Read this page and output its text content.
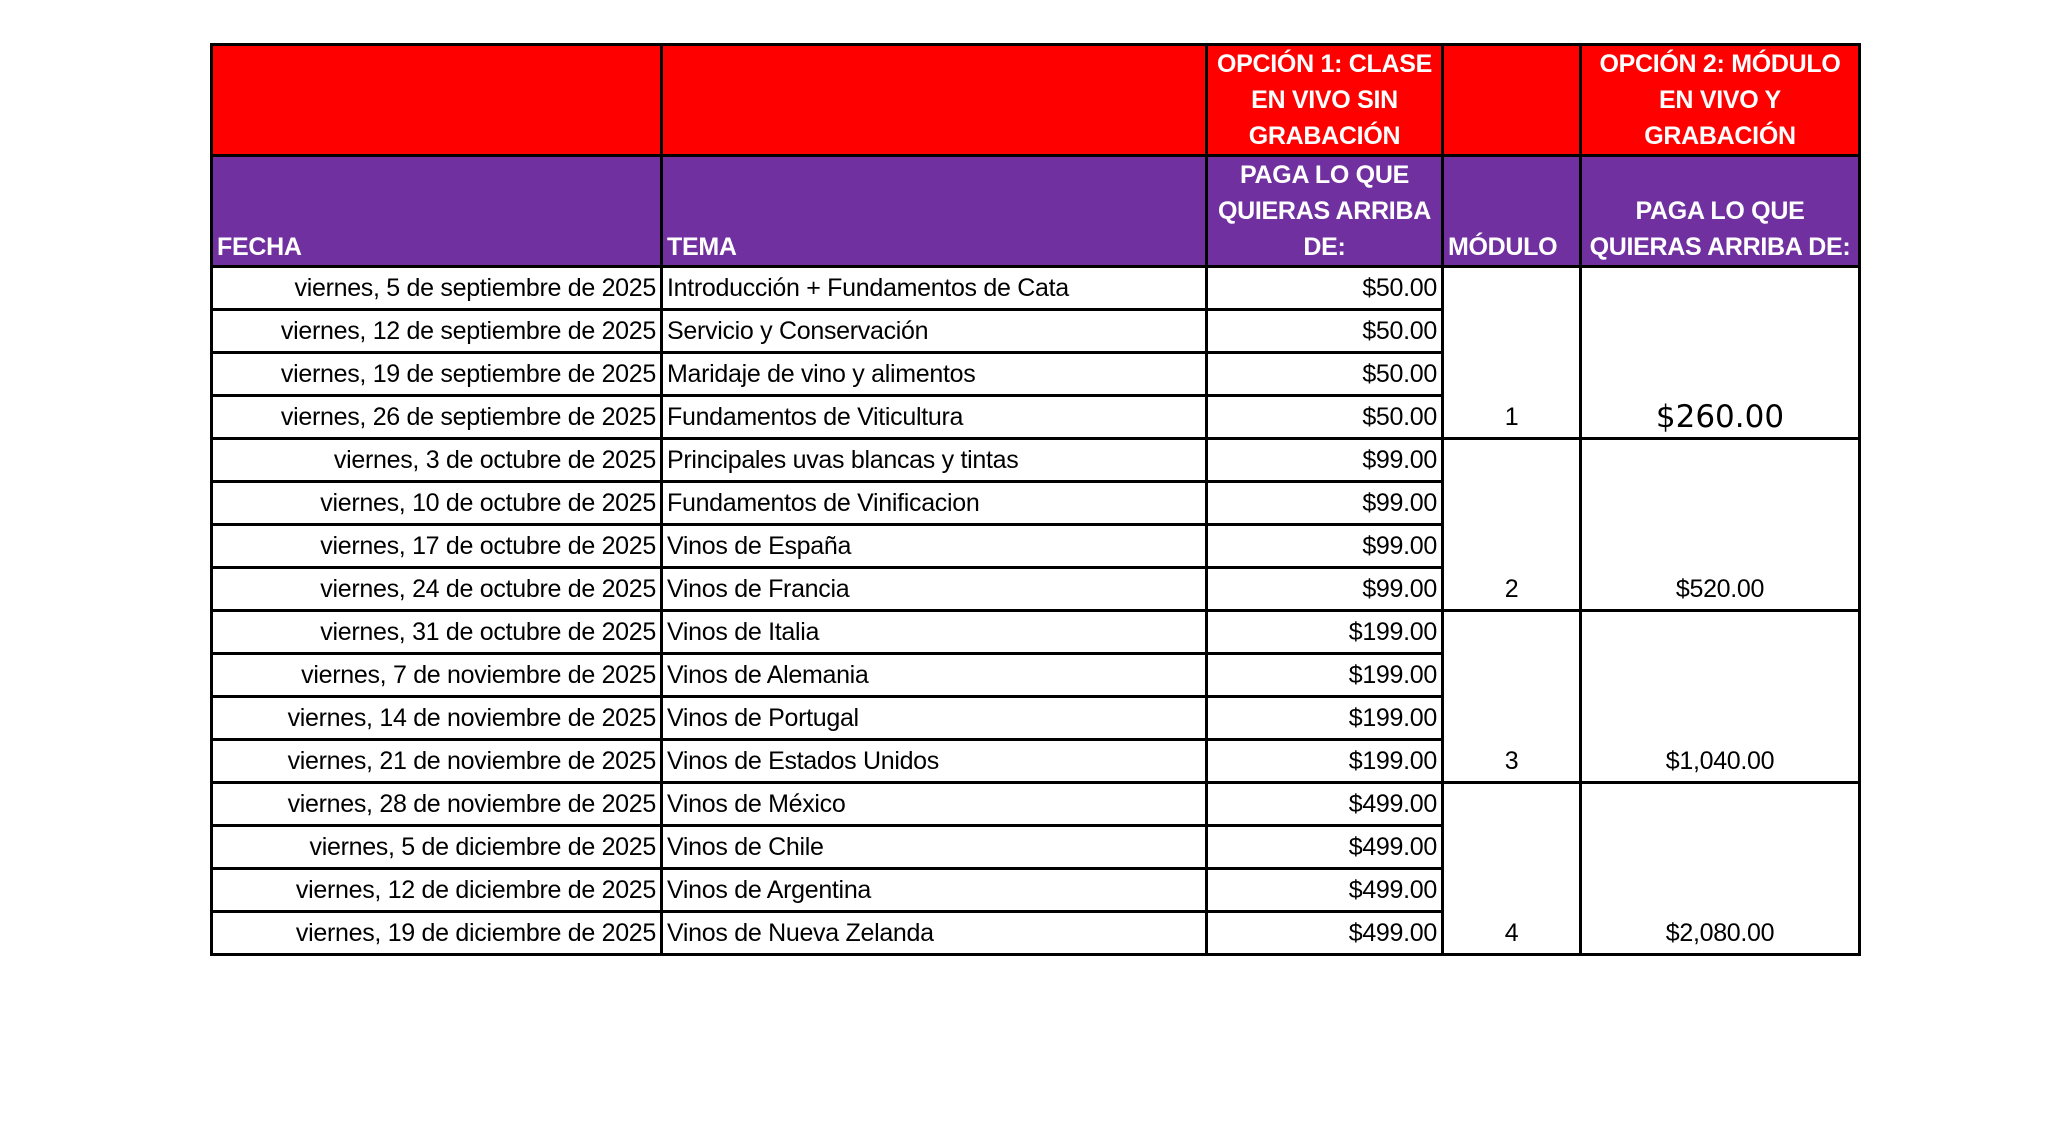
		OPCIÓN 1: CLASE EN VIVO SIN GRABACIÓN		OPCIÓN 2: MÓDULO EN VIVO Y GRABACIÓN
FECHA	TEMA	PAGA LO QUE QUIERAS ARRIBA DE:	MÓDULO	PAGA LO QUE QUIERAS ARRIBA DE:
viernes, 5 de septiembre de 2025	Introducción + Fundamentos de Cata	$50.00	1	$260.00
viernes, 12 de septiembre de 2025	Servicio y Conservación	$50.00		
viernes, 19 de septiembre de 2025	Maridaje de vino y alimentos	$50.00		
viernes, 26 de septiembre de 2025	Fundamentos de Viticultura	$50.00		
viernes, 3 de octubre de 2025	Principales uvas blancas y tintas	$99.00	2	$520.00
viernes, 10 de octubre de 2025	Fundamentos de Vinificacion	$99.00		
viernes, 17 de octubre de 2025	Vinos de España	$99.00		
viernes, 24 de octubre de 2025	Vinos de Francia	$99.00		
viernes, 31 de octubre de 2025	Vinos de Italia	$199.00	3	$1,040.00
viernes, 7 de noviembre de 2025	Vinos de Alemania	$199.00		
viernes, 14 de noviembre de 2025	Vinos de Portugal	$199.00		
viernes, 21 de noviembre de 2025	Vinos de Estados Unidos	$199.00		
viernes, 28 de noviembre de 2025	Vinos de México	$499.00	4	$2,080.00
viernes, 5 de diciembre de 2025	Vinos de Chile	$499.00		
viernes, 12 de diciembre de 2025	Vinos de Argentina	$499.00		
viernes, 19 de diciembre de 2025	Vinos de Nueva Zelanda	$499.00		
